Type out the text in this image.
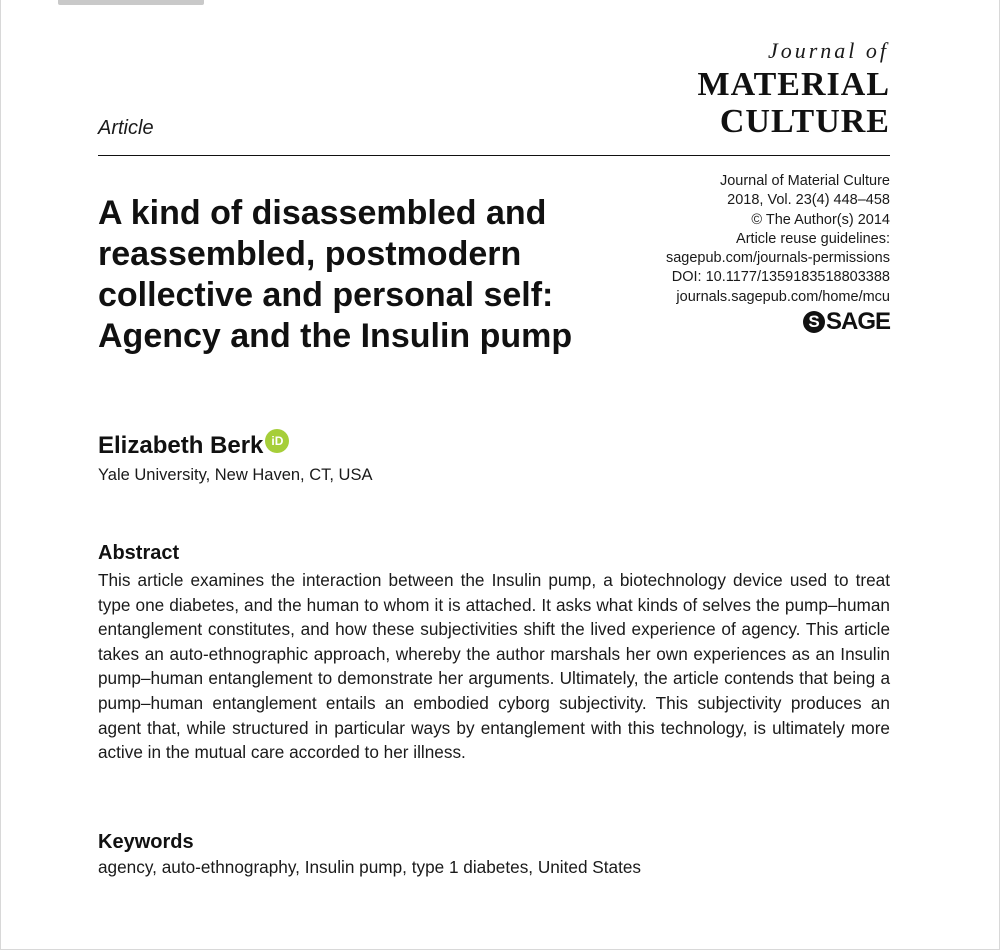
Journal of
MATERIAL
CULTURE
Article
Journal of Material Culture
2018, Vol. 23(4) 448–458
© The Author(s) 2014
Article reuse guidelines:
sagepub.com/journals-permissions
DOI: 10.1177/1359183518803388
journals.sagepub.com/home/mcu
S SAGE
A kind of disassembled and reassembled, postmodern collective and personal self: Agency and the Insulin pump
Elizabeth Berk iD
Yale University, New Haven, CT, USA
Abstract

This article examines the interaction between the Insulin pump, a biotechnology device used to treat type one diabetes, and the human to whom it is attached. It asks what kinds of selves the pump–human entanglement constitutes, and how these subjectivities shift the lived experience of agency. This article takes an auto-ethnographic approach, whereby the author marshals her own experiences as an Insulin pump–human entanglement to demonstrate her arguments. Ultimately, the article contends that being a pump–human entanglement entails an embodied cyborg subjectivity. This subjectivity produces an agent that, while structured in particular ways by entanglement with this technology, is ultimately more active in the mutual care accorded to her illness.

Keywords
agency, auto-ethnography, Insulin pump, type 1 diabetes, United States
